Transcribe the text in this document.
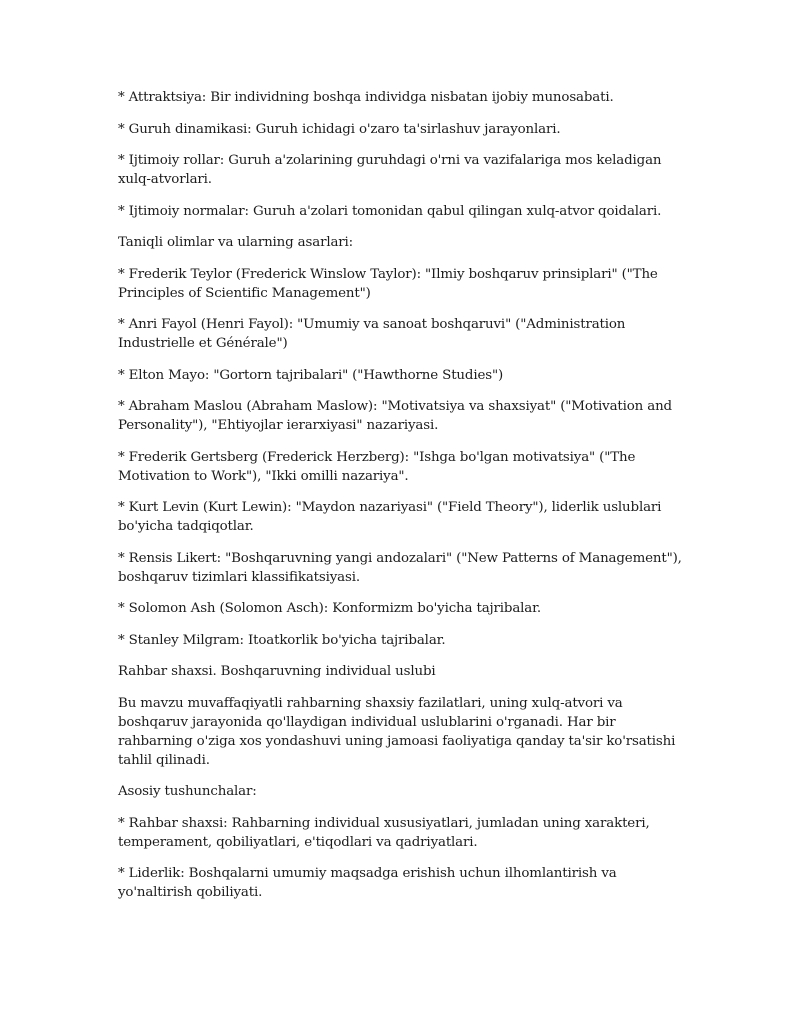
* Attraktsiya: Bir individning boshqa individga nisbatan ijobiy munosabati.

* Guruh dinamikasi: Guruh ichidagi o'zaro ta'sirlashuv jarayonlari.

* Ijtimoiy rollar: Guruh a'zolarining guruhdagi o'rni va vazifalariga mos keladigan xulq-atvorlari.

* Ijtimoiy normalar: Guruh a'zolari tomonidan qabul qilingan xulq-atvor qoidalari.

Taniqli olimlar va ularning asarlari:

* Frederik Teylor (Frederick Winslow Taylor): "Ilmiy boshqaruv prinsiplari" ("The Principles of Scientific Management")

* Anri Fayol (Henri Fayol): "Umumiy va sanoat boshqaruvi" ("Administration Industrielle et Générale")

* Elton Mayo: "Gortorn tajribalari" ("Hawthorne Studies")

* Abraham Maslou (Abraham Maslow): "Motivatsiya va shaxsiyat" ("Motivation and Personality"), "Ehtiyojlar ierarxiyasi" nazariyasi.

* Frederik Gertsberg (Frederick Herzberg): "Ishga bo'lgan motivatsiya" ("The Motivation to Work"), "Ikki omilli nazariya".

* Kurt Levin (Kurt Lewin): "Maydon nazariyasi" ("Field Theory"), liderlik uslublari bo'yicha tadqiqotlar.

* Rensis Likert: "Boshqaruvning yangi andozalari" ("New Patterns of Management"), boshqaruv tizimlari klassifikatsiyasi.

* Solomon Ash (Solomon Asch): Konformizm bo'yicha tajribalar.

* Stanley Milgram: Itoatkorlik bo'yicha tajribalar.

Rahbar shaxsi. Boshqaruvning individual uslubi

Bu mavzu muvaffaqiyatli rahbarning shaxsiy fazilatlari, uning xulq-atvori va boshqaruv jarayonida qo'llaydigan individual uslublarini o'rganadi. Har bir rahbarning o'ziga xos yondashuvi uning jamoasi faoliyatiga qanday ta'sir ko'rsatishi tahlil qilinadi.

Asosiy tushunchalar:

* Rahbar shaxsi: Rahbarning individual xususiyatlari, jumladan uning xarakteri, temperament, qobiliyatlari, e'tiqodlari va qadriyatlari.

* Liderlik: Boshqalarni umumiy maqsadga erishish uchun ilhomlantirish va yo'naltirish qobiliyati.
